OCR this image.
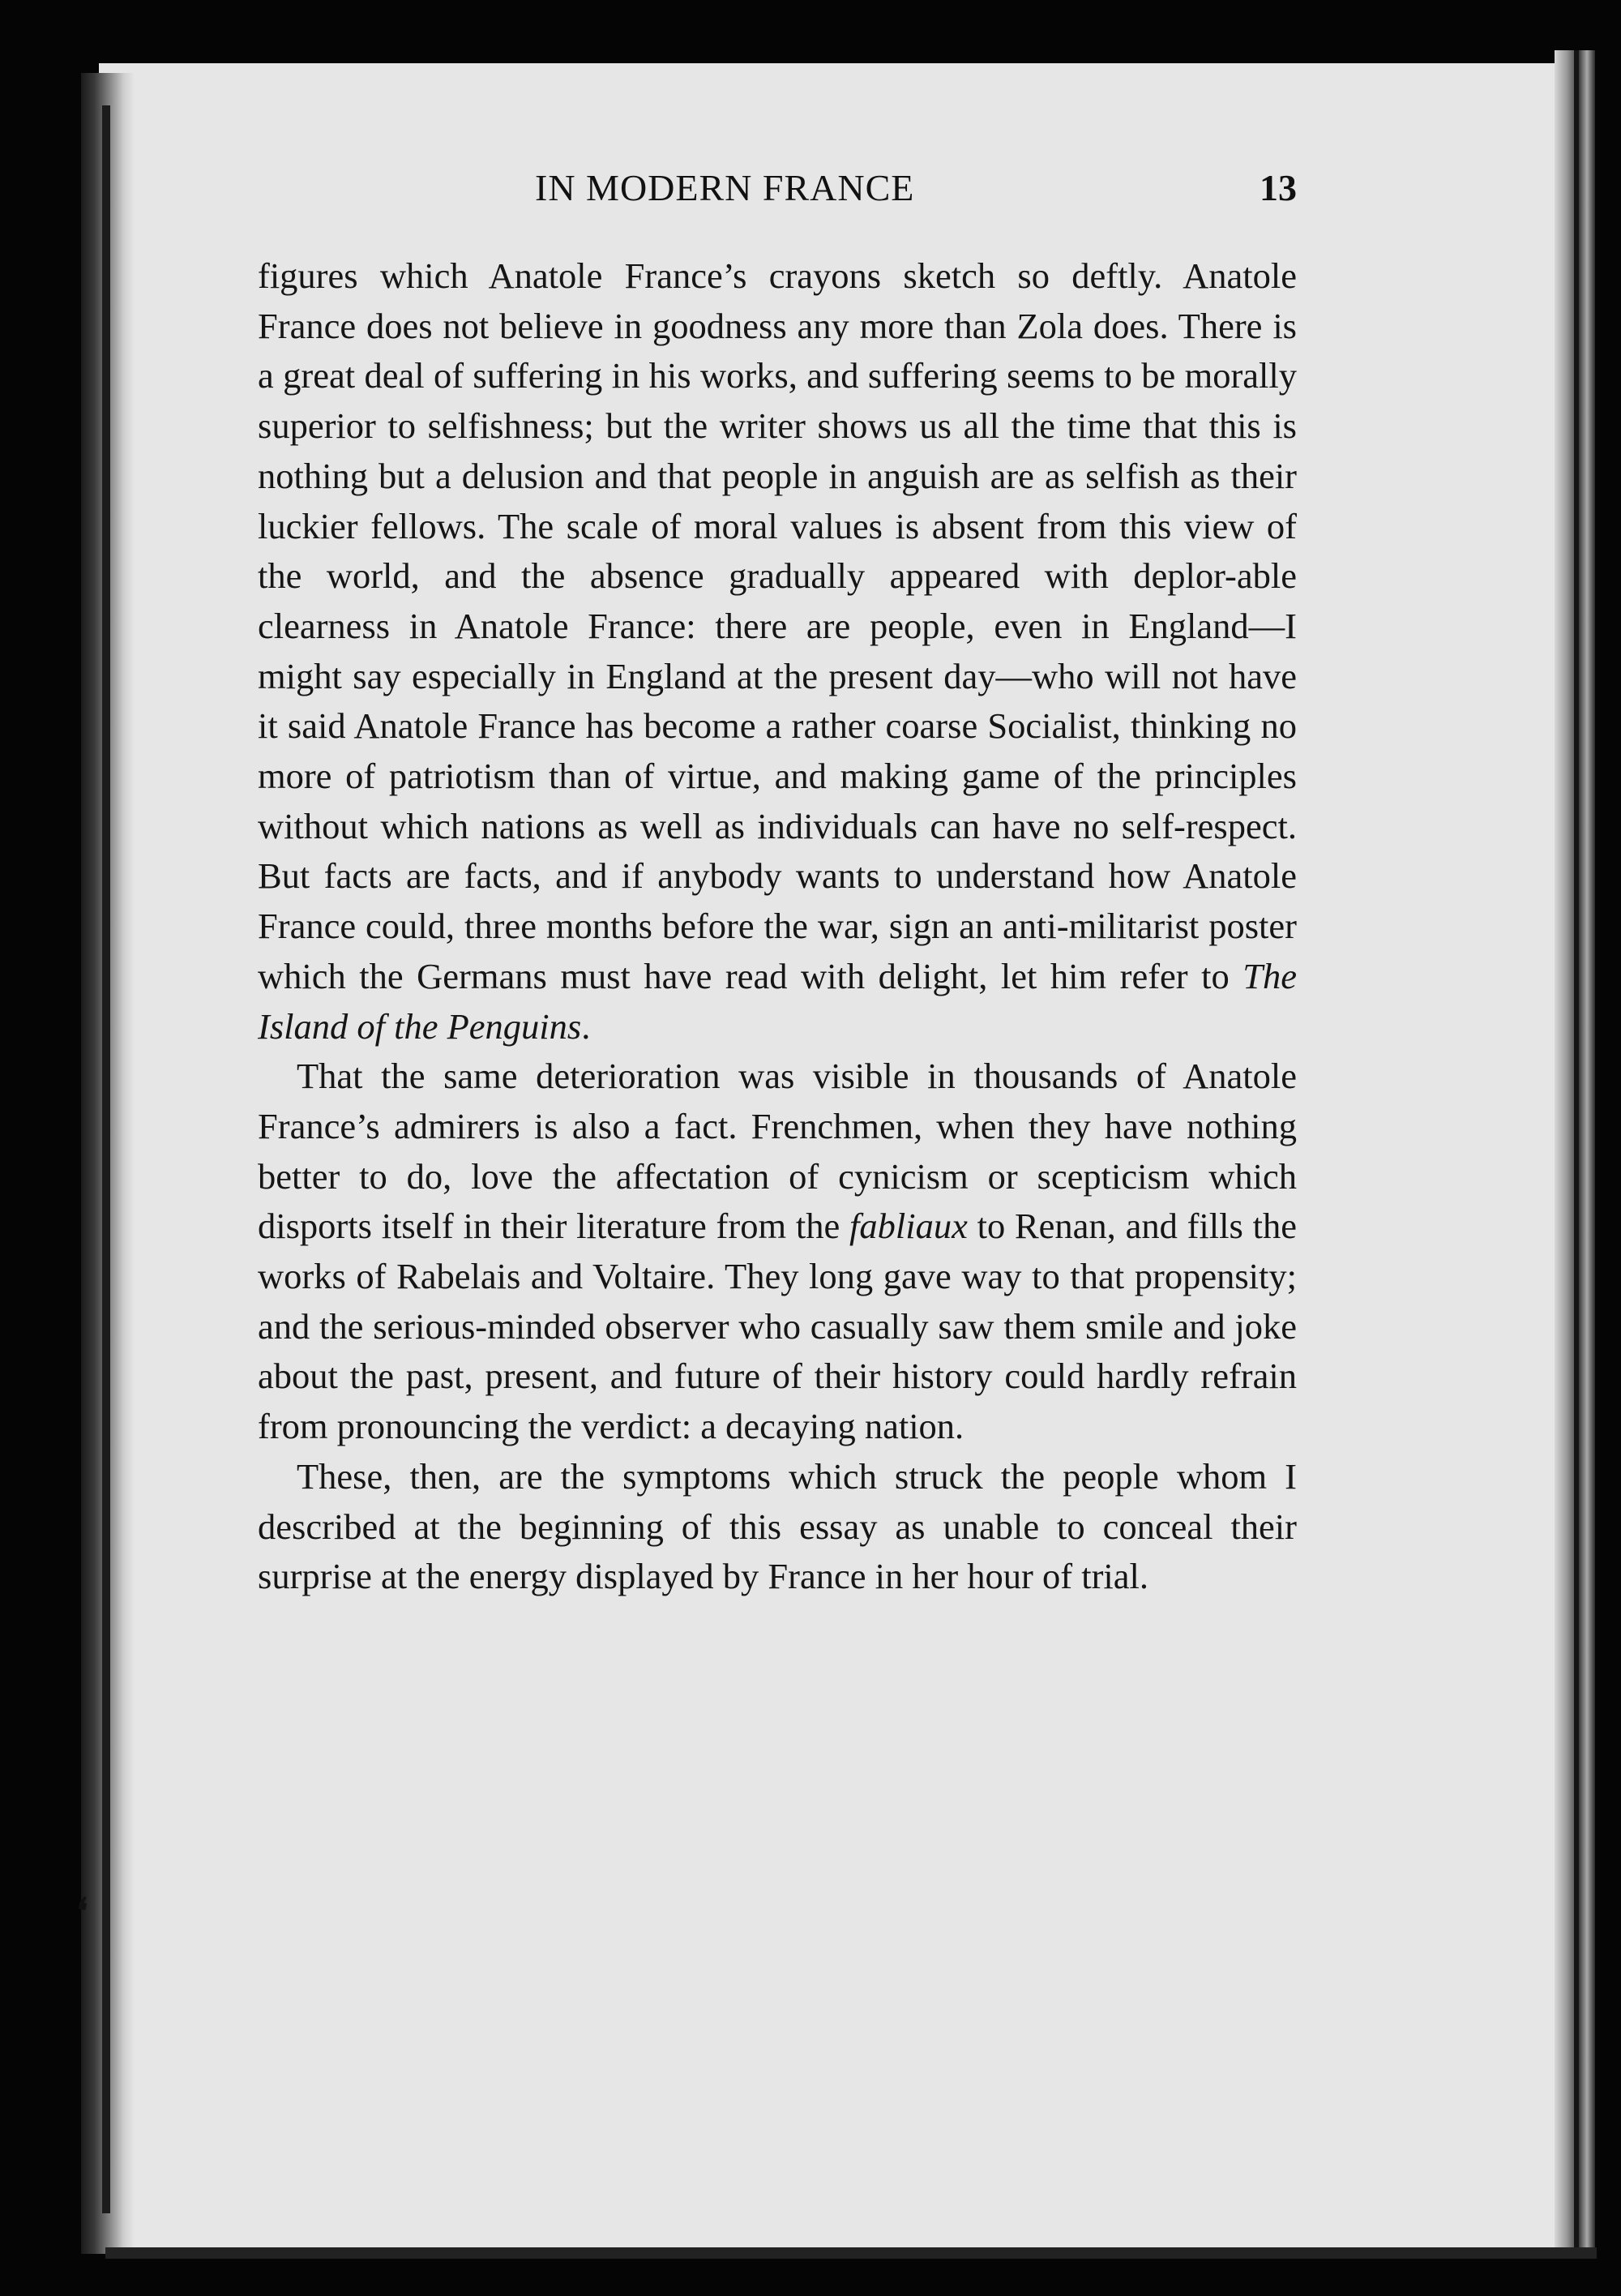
❛
IN MODERN FRANCE	13

figures which Anatole France’s crayons sketch so deftly. Anatole France does not believe in goodness any more than Zola does. There is a great deal of suffering in his works, and suffering seems to be morally superior to selfishness; but the writer shows us all the time that this is nothing but a delusion and that people in anguish are as selfish as their luckier fellows. The scale of moral values is absent from this view of the world, and the absence gradually appeared with deplor-able clearness in Anatole France: there are people, even in England—I might say especially in England at the present day—who will not have it said Anatole France has become a rather coarse Socialist, thinking no more of patriotism than of virtue, and making game of the principles without which nations as well as individuals can have no self-respect. But facts are facts, and if anybody wants to understand how Anatole France could, three months before the war, sign an anti-militarist poster which the Germans must have read with delight, let him refer to The Island of the Penguins.

That the same deterioration was visible in thousands of Anatole France’s admirers is also a fact. Frenchmen, when they have nothing better to do, love the affectation of cynicism or scepticism which disports itself in their literature from the fabliaux to Renan, and fills the works of Rabelais and Voltaire. They long gave way to that propensity; and the serious-minded observer who casually saw them smile and joke about the past, present, and future of their history could hardly refrain from pronouncing the verdict: a decaying nation.

These, then, are the symptoms which struck the people whom I described at the beginning of this essay as unable to conceal their surprise at the energy displayed by France in her hour of trial.
